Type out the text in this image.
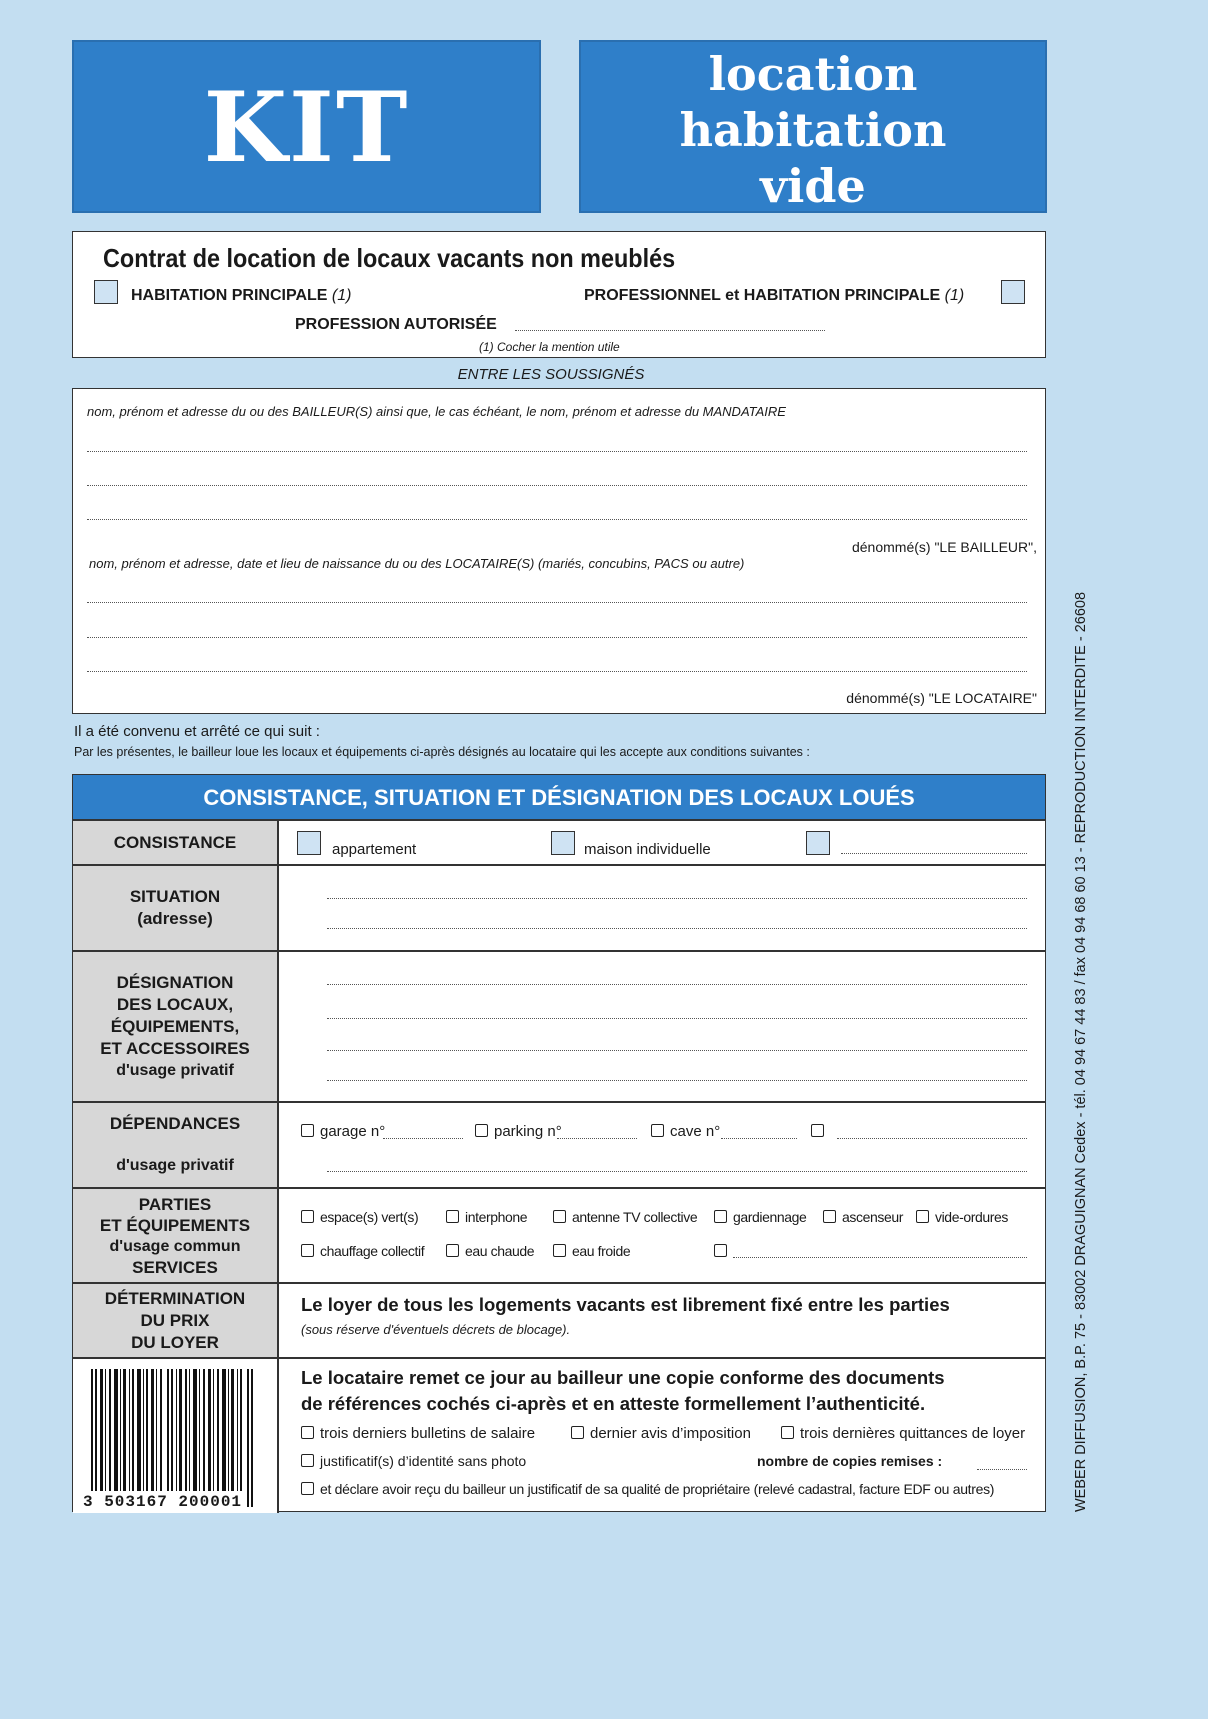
KIT	location
habitation
vide
Contrat de location de locaux vacants non meublés
HABITATION PRINCIPALE (1)	PROFESSIONNEL et HABITATION PRINCIPALE (1)
PROFESSION AUTORISÉE
(1) Cocher la mention utile
ENTRE LES SOUSSIGNÉS
nom, prénom et adresse du ou des BAILLEUR(S) ainsi que, le cas échéant, le nom, prénom et adresse du MANDATAIRE
dénommé(s) "LE BAILLEUR",
nom, prénom et adresse, date et lieu de naissance du ou des LOCATAIRE(S) (mariés, concubins, PACS ou autre)
dénommé(s) "LE LOCATAIRE"
Il a été convenu et arrêté ce qui suit :
Par les présentes, le bailleur loue les locaux et équipements ci-après désignés au locataire qui les accepte aux conditions suivantes :
CONSISTANCE, SITUATION ET DÉSIGNATION DES LOCAUX LOUÉS
CONSISTANCE	appartement	maison individuelle
SITUATION
(adresse)
DÉSIGNATION
DES LOCAUX,
ÉQUIPEMENTS,
ET ACCESSOIRES
d'usage privatif
DÉPENDANCES
d'usage privatif
garage n°	parking n°	cave n°
PARTIES
ET ÉQUIPEMENTS
d'usage commun
SERVICES
espace(s) vert(s)	interphone	antenne TV collective	gardiennage	ascenseur	vide-ordures
chauffage collectif	eau chaude	eau froide
DÉTERMINATION
DU PRIX
DU LOYER
Le loyer de tous les logements vacants est librement fixé entre les parties
(sous réserve d'éventuels décrets de blocage).
3 503167 200001
Le locataire remet ce jour au bailleur une copie conforme des documents
de références cochés ci-après et en atteste formellement l’authenticité.
trois derniers bulletins de salaire	dernier avis d’imposition	trois dernières quittances de loyer
justificatif(s) d’identité sans photo	nombre de copies remises :
et déclare avoir reçu du bailleur un justificatif de sa qualité de propriétaire (relevé cadastral, facture EDF ou autres)	WEBER DIFFUSION, B.P. 75 - 83002 DRAGUIGNAN Cedex - tél. 04 94 67 44 83 / fax 04 94 68 60 13 - REPRODUCTION INTERDITE - 26608
